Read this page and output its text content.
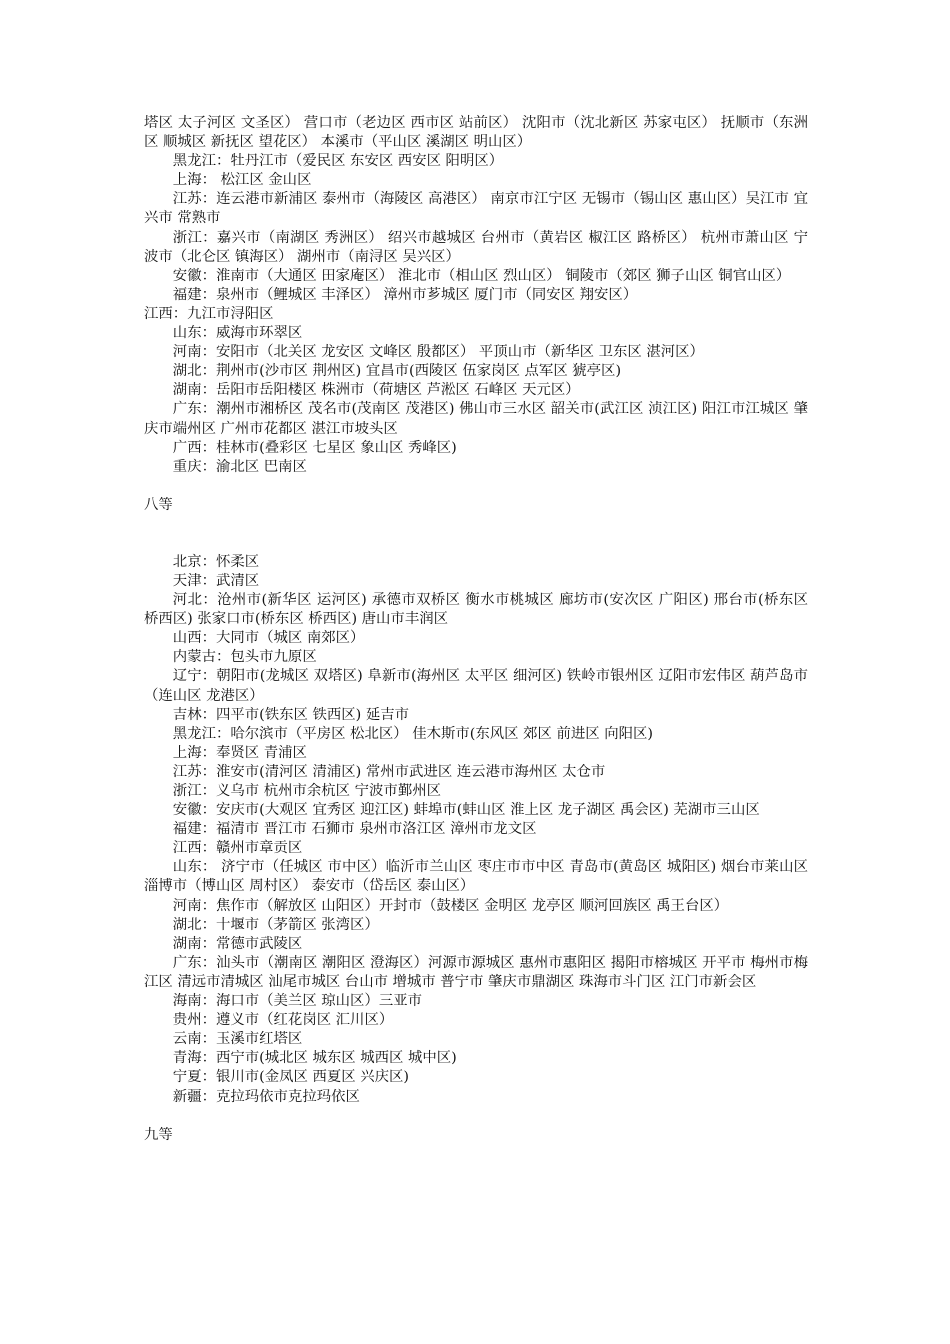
塔区 太子河区 文圣区） 营口市（老边区 西市区 站前区） 沈阳市（沈北新区 苏家屯区） 抚顺市（东洲区 顺城区 新抚区 望花区） 本溪市（平山区 溪湖区 明山区）

黑龙江：牡丹江市（爱民区 东安区 西安区 阳明区）

上海： 松江区 金山区

江苏：连云港市新浦区 泰州市（海陵区 高港区） 南京市江宁区 无锡市（锡山区 惠山区）吴江市 宜兴市 常熟市

浙江：嘉兴市（南湖区 秀洲区） 绍兴市越城区 台州市（黄岩区 椒江区 路桥区） 杭州市萧山区 宁波市（北仑区 镇海区） 湖州市（南浔区 吴兴区）

安徽：淮南市（大通区 田家庵区） 淮北市（相山区 烈山区） 铜陵市（郊区 狮子山区 铜官山区）

福建：泉州市（鲤城区 丰泽区） 漳州市芗城区 厦门市（同安区 翔安区）

江西：九江市浔阳区

山东：威海市环翠区

河南：安阳市（北关区 龙安区 文峰区 殷都区） 平顶山市（新华区 卫东区 湛河区）

湖北：荆州市(沙市区 荆州区) 宜昌市(西陵区 伍家岗区 点军区 猇亭区)

湖南：岳阳市岳阳楼区 株洲市（荷塘区 芦淞区 石峰区 天元区）

广东：潮州市湘桥区 茂名市(茂南区 茂港区) 佛山市三水区 韶关市(武江区 浈江区) 阳江市江城区 肇庆市端州区 广州市花都区 湛江市坡头区

广西：桂林市(叠彩区 七星区 象山区 秀峰区)

重庆：渝北区 巴南区

八等

北京：怀柔区

天津：武清区

河北：沧州市(新华区 运河区) 承德市双桥区 衡水市桃城区 廊坊市(安次区 广阳区) 邢台市(桥东区 桥西区) 张家口市(桥东区 桥西区) 唐山市丰润区

山西：大同市（城区 南郊区）

内蒙古：包头市九原区

辽宁：朝阳市(龙城区 双塔区) 阜新市(海州区 太平区 细河区) 铁岭市银州区 辽阳市宏伟区 葫芦岛市（连山区 龙港区）

吉林：四平市(铁东区 铁西区) 延吉市

黑龙江：哈尔滨市（平房区 松北区） 佳木斯市(东风区 郊区 前进区 向阳区)

上海：奉贤区 青浦区

江苏：淮安市(清河区 清浦区) 常州市武进区 连云港市海州区 太仓市

浙江：义乌市 杭州市余杭区 宁波市鄞州区

安徽：安庆市(大观区 宜秀区 迎江区) 蚌埠市(蚌山区 淮上区 龙子湖区 禹会区) 芜湖市三山区

福建：福清市 晋江市 石狮市 泉州市洛江区 漳州市龙文区

江西：赣州市章贡区

山东： 济宁市（任城区 市中区）临沂市兰山区 枣庄市市中区 青岛市(黄岛区 城阳区) 烟台市莱山区 淄博市（博山区 周村区） 泰安市（岱岳区 泰山区）

河南：焦作市（解放区 山阳区）开封市（鼓楼区 金明区 龙亭区 顺河回族区 禹王台区）

湖北：十堰市（茅箭区 张湾区）

湖南：常德市武陵区

广东：汕头市（潮南区 潮阳区 澄海区）河源市源城区 惠州市惠阳区 揭阳市榕城区 开平市 梅州市梅江区 清远市清城区 汕尾市城区 台山市 增城市 普宁市 肇庆市鼎湖区 珠海市斗门区 江门市新会区

海南：海口市（美兰区 琼山区）三亚市

贵州：遵义市（红花岗区 汇川区）

云南：玉溪市红塔区

青海：西宁市(城北区 城东区 城西区 城中区)

宁夏：银川市(金凤区 西夏区 兴庆区)

新疆：克拉玛依市克拉玛依区

九等
